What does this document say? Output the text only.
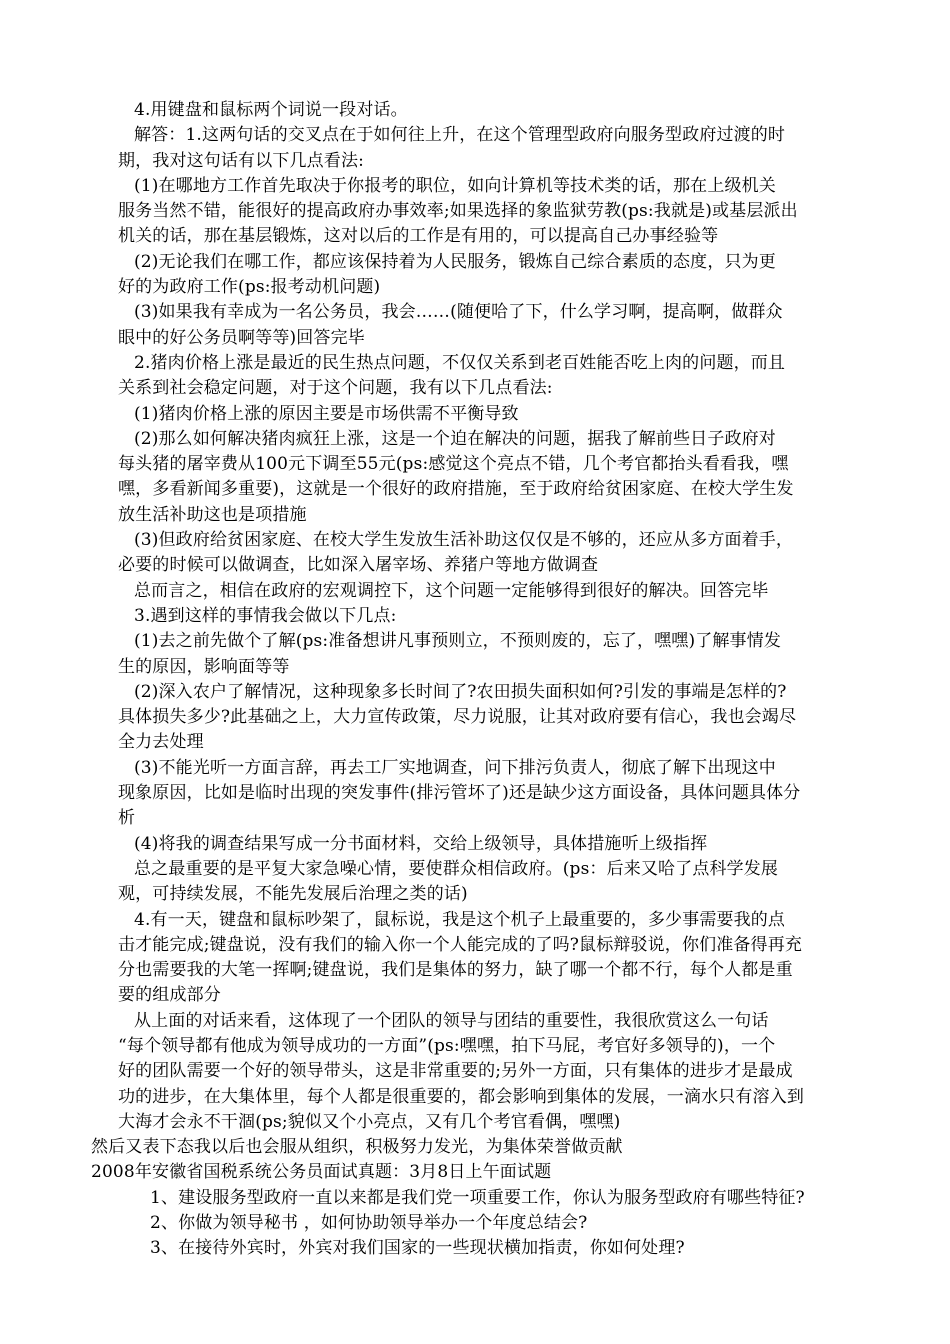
4.用键盘和鼠标两个词说一段对话。
解答：1.这两句话的交叉点在于如何往上升，在这个管理型政府向服务型政府过渡的时
期，我对这句话有以下几点看法:
(1)在哪地方工作首先取决于你报考的职位，如向计算机等技术类的话，那在上级机关
服务当然不错，能很好的提高政府办事效率;如果选择的象监狱劳教(ps:我就是)或基层派出
机关的话，那在基层锻炼，这对以后的工作是有用的，可以提高自己办事经验等
(2)无论我们在哪工作，都应该保持着为人民服务，锻炼自己综合素质的态度，只为更
好的为政府工作(ps:报考动机问题)
(3)如果我有幸成为一名公务员，我会……(随便哈了下，什么学习啊，提高啊，做群众
眼中的好公务员啊等等)回答完毕
2.猪肉价格上涨是最近的民生热点问题，不仅仅关系到老百姓能否吃上肉的问题，而且
关系到社会稳定问题，对于这个问题，我有以下几点看法:
(1)猪肉价格上涨的原因主要是市场供需不平衡导致
(2)那么如何解决猪肉疯狂上涨，这是一个迫在解决的问题，据我了解前些日子政府对
每头猪的屠宰费从100元下调至55元(ps:感觉这个亮点不错，几个考官都抬头看看我，嘿
嘿，多看新闻多重要)，这就是一个很好的政府措施，至于政府给贫困家庭、在校大学生发
放生活补助这也是项措施
(3)但政府给贫困家庭、在校大学生发放生活补助这仅仅是不够的，还应从多方面着手，
必要的时候可以做调查，比如深入屠宰场、养猪户等地方做调查
总而言之，相信在政府的宏观调控下，这个问题一定能够得到很好的解决。回答完毕
3.遇到这样的事情我会做以下几点:
(1)去之前先做个了解(ps:准备想讲凡事预则立，不预则废的，忘了，嘿嘿)了解事情发
生的原因，影响面等等
(2)深入农户了解情况，这种现象多长时间了?农田损失面积如何?引发的事端是怎样的?
具体损失多少?此基础之上，大力宣传政策，尽力说服，让其对政府要有信心，我也会竭尽
全力去处理
(3)不能光听一方面言辞，再去工厂实地调查，问下排污负责人，彻底了解下出现这中
现象原因，比如是临时出现的突发事件(排污管坏了)还是缺少这方面设备，具体问题具体分
析
(4)将我的调查结果写成一分书面材料，交给上级领导，具体措施听上级指挥
总之最重要的是平复大家急噪心情，要使群众相信政府。(ps：后来又哈了点科学发展
观，可持续发展，不能先发展后治理之类的话)
4.有一天，键盘和鼠标吵架了，鼠标说，我是这个机子上最重要的，多少事需要我的点
击才能完成;键盘说，没有我们的输入你一个人能完成的了吗?鼠标辩驳说，你们准备得再充
分也需要我的大笔一挥啊;键盘说，我们是集体的努力，缺了哪一个都不行，每个人都是重
要的组成部分
从上面的对话来看，这体现了一个团队的领导与团结的重要性，我很欣赏这么一句话
“每个领导都有他成为领导成功的一方面”(ps:嘿嘿，拍下马屁，考官好多领导的)，一个
好的团队需要一个好的领导带头，这是非常重要的;另外一方面，只有集体的进步才是最成
功的进步，在大集体里，每个人都是很重要的，都会影响到集体的发展，一滴水只有溶入到
大海才会永不干涸(ps;貌似又个小亮点，又有几个考官看偶，嘿嘿)
然后又表下态我以后也会服从组织，积极努力发光，为集体荣誉做贡献
2008年安徽省国税系统公务员面试真题：3月8日上午面试题
1、建设服务型政府一直以来都是我们党一项重要工作，你认为服务型政府有哪些特征?
2、你做为领导秘书 ，如何协助领导举办一个年度总结会?
3、在接待外宾时，外宾对我们国家的一些现状横加指责，你如何处理?
